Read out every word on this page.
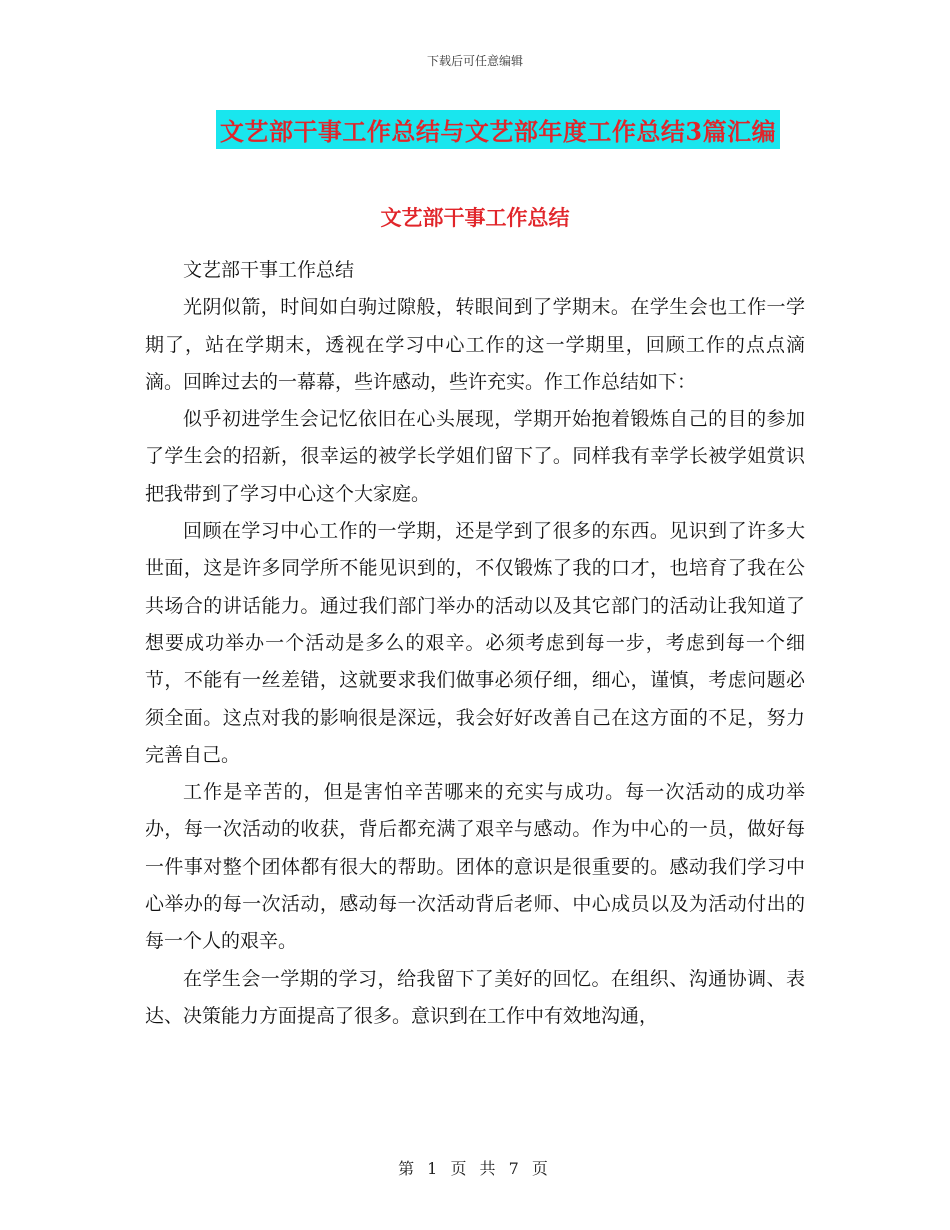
下载后可任意编辑
文艺部干事工作总结与文艺部年度工作总结3篇汇编
文艺部干事工作总结

文艺部干事工作总结

光阴似箭，时间如白驹过隙般，转眼间到了学期末。在学生会也工作一学期了，站在学期末，透视在学习中心工作的这一学期里，回顾工作的点点滴滴。回眸过去的一幕幕，些许感动，些许充实。作工作总结如下：

似乎初进学生会记忆依旧在心头展现，学期开始抱着锻炼自己的目的参加了学生会的招新，很幸运的被学长学姐们留下了。同样我有幸学长被学姐赏识把我带到了学习中心这个大家庭。

回顾在学习中心工作的一学期，还是学到了很多的东西。见识到了许多大世面，这是许多同学所不能见识到的，不仅锻炼了我的口才，也培育了我在公共场合的讲话能力。通过我们部门举办的活动以及其它部门的活动让我知道了想要成功举办一个活动是多么的艰辛。必须考虑到每一步，考虑到每一个细节，不能有一丝差错，这就要求我们做事必须仔细，细心，谨慎，考虑问题必须全面。这点对我的影响很是深远，我会好好改善自己在这方面的不足，努力完善自己。

工作是辛苦的，但是害怕辛苦哪来的充实与成功。每一次活动的成功举办，每一次活动的收获，背后都充满了艰辛与感动。作为中心的一员，做好每一件事对整个团体都有很大的帮助。团体的意识是很重要的。感动我们学习中心举办的每一次活动，感动每一次活动背后老师、中心成员以及为活动付出的每一个人的艰辛。

在学生会一学期的学习，给我留下了美好的回忆。在组织、沟通协调、表达、决策能力方面提高了很多。意识到在工作中有效地沟通，

第 1 页 共 7 页
